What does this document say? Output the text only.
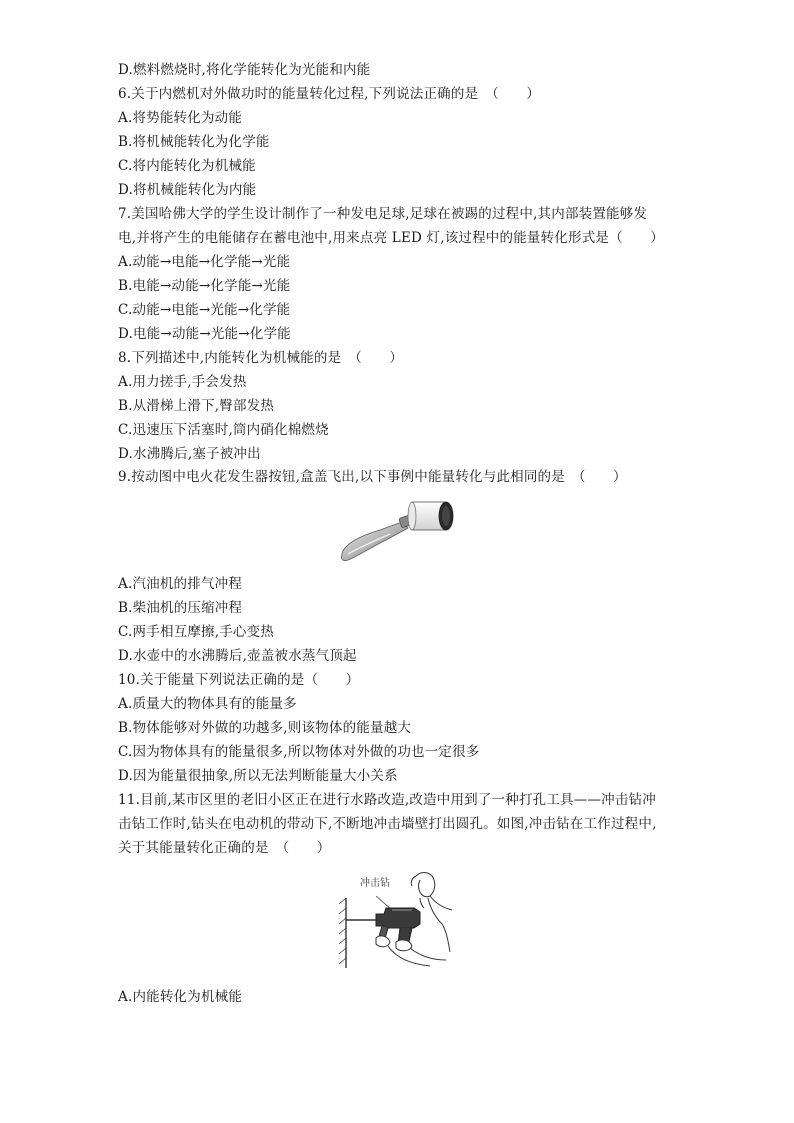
D.燃料燃烧时,将化学能转化为光能和内能
6.关于内燃机对外做功时的能量转化过程,下列说法正确的是　（　　）
A.将势能转化为动能
B.将机械能转化为化学能
C.将内能转化为机械能
D.将机械能转化为内能
7.美国哈佛大学的学生设计制作了一种发电足球,足球在被踢的过程中,其内部装置能够发
电,并将产生的电能储存在蓄电池中,用来点亮 LED 灯,该过程中的能量转化形式是（　　）
A.动能→电能→化学能→光能
B.电能→动能→化学能→光能
C.动能→电能→光能→化学能
D.电能→动能→光能→化学能
8.下列描述中,内能转化为机械能的是　（　　）
A.用力搓手,手会发热
B.从滑梯上滑下,臀部发热
C.迅速压下活塞时,筒内硝化棉燃烧
D.水沸腾后,塞子被冲出
9.按动图中电火花发生器按钮,盒盖飞出,以下事例中能量转化与此相同的是　（　　）
A.汽油机的排气冲程
B.柴油机的压缩冲程
C.两手相互摩擦,手心变热
D.水壶中的水沸腾后,壶盖被水蒸气顶起
10.关于能量下列说法正确的是（　　）
A.质量大的物体具有的能量多
B.物体能够对外做的功越多,则该物体的能量越大
C.因为物体具有的能量很多,所以物体对外做的功也一定很多
D.因为能量很抽象,所以无法判断能量大小关系
11.目前,某市区里的老旧小区正在进行水路改造,改造中用到了一种打孔工具——冲击钻冲
击钻工作时,钻头在电动机的带动下,不断地冲击墙壁打出圆孔。如图,冲击钻在工作过程中,
关于其能量转化正确的是　（　　）
冲击钻
A.内能转化为机械能
